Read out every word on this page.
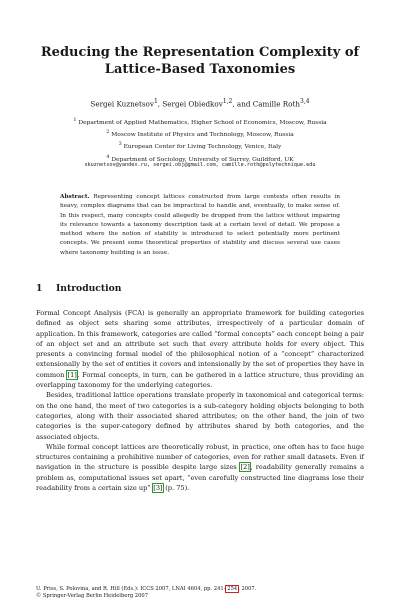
Reducing the Representation Complexity of
Lattice-Based Taxonomies
Sergei Kuznetsov$^1$, Sergei Obiedkov$^{1,2}$, and Camille Roth$^{3,4}$
$^1$ Department of Applied Mathematics, Higher School of Economics, Moscow, Russia
$^2$ Moscow Institute of Physics and Technology, Moscow, Russia
$^3$ European Center for Living Technology, Venice, Italy
$^4$ Department of Sociology, University of Surrey, Guildford, UK
skuznetsov@yandex.ru, sergei.obj@gmail.com, camille.roth@polytechnique.edu
Abstract. Representing concept lattices constructed from large contexts often results in heavy, complex diagrams that can be impractical to handle and, eventually, to make sense of. In this respect, many concepts could allegedly be dropped from the lattice without impairing its relevance towards a taxonomy description task at a certain level of detail. We propose a method where the notion of stability is introduced to select potentially more pertinent concepts. We present some theoretical properties of stability and discuss several use cases where taxonomy building is an issue.
1 Introduction

Formal Concept Analysis (FCA) is generally an appropriate framework for building categories defined as object sets sharing some attributes, irrespectively of a particular domain of application. In this framework, categories are called “formal concepts” each concept being a pair of an object set and an attribute set such that every attribute holds for every object. This presents a convincing formal model of the philosophical notion of a “concept” characterized extensionally by the set of entities it covers and intensionally by the set of properties they have in common [1]. Formal concepts, in turn, can be gathered in a lattice structure, thus providing an overlapping taxonomy for the underlying categories.

Besides, traditional lattice operations translate properly in taxonomical and categorical terms: on the one hand, the meet of two categories is a sub-category holding objects belonging to both categories, along with their associated shared attributes; on the other hand, the join of two categories is the super-category defined by attributes shared by both categories, and the associated objects.

While formal concept lattices are theoretically robust, in practice, one often has to face huge structures containing a prohibitive number of categories, even for rather small datasets. Even if navigation in the structure is possible despite large sizes [2], readability generally remains a problem as, computational issues set apart, “even carefully constructed line diagrams lose their readability from a certain size up” [3] (p. 75).

U. Priss, S. Polovina, and R. Hill (Eds.): ICCS 2007, LNAI 4604, pp. 241–254, 2007.
© Springer-Verlag Berlin Heidelberg 2007
